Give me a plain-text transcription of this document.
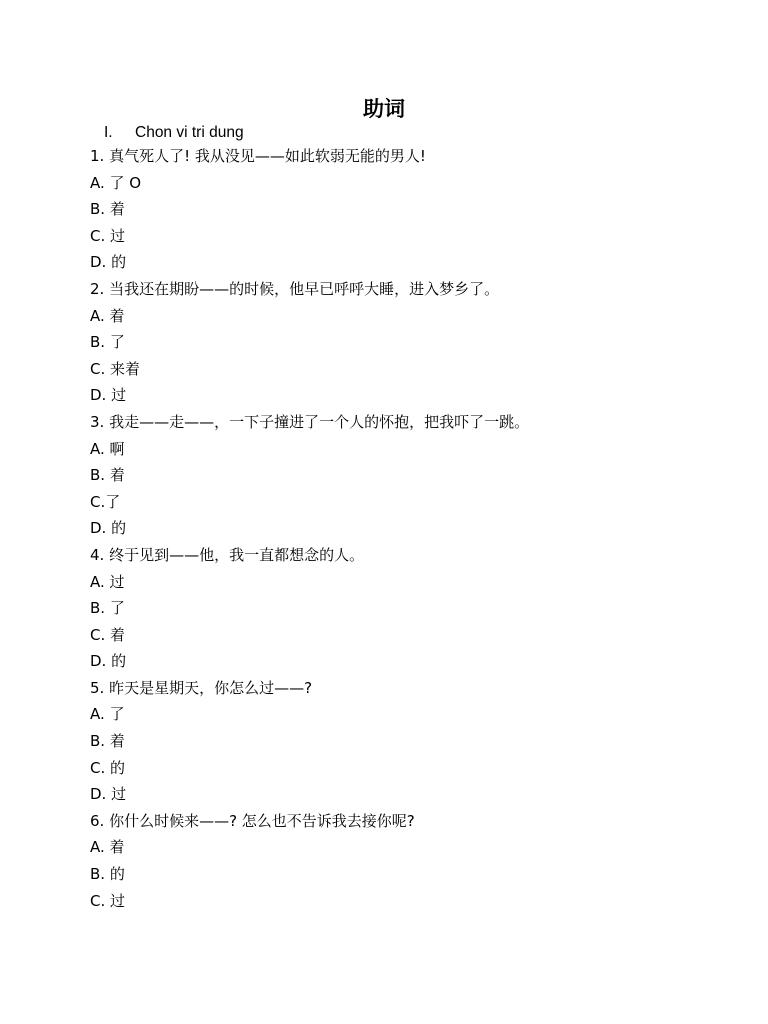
助词
I. Chon vi tri dung
1. 真气死人了! 我从没见——如此软弱无能的男人!
A. 了 O
B. 着
C. 过
D. 的
2. 当我还在期盼——的时候，他早已呼呼大睡，进入梦乡了。
A. 着
B. 了
C. 来着
D. 过
3. 我走——走——，一下子撞进了一个人的怀抱，把我吓了一跳。
A. 啊
B. 着
C.了
D. 的
4. 终于见到——他，我一直都想念的人。
A. 过
B. 了
C. 着
D. 的
5. 昨天是星期天，你怎么过——?
A. 了
B. 着
C. 的
D. 过
6. 你什么时候来——? 怎么也不告诉我去接你呢?
A. 着
B. 的
C. 过
